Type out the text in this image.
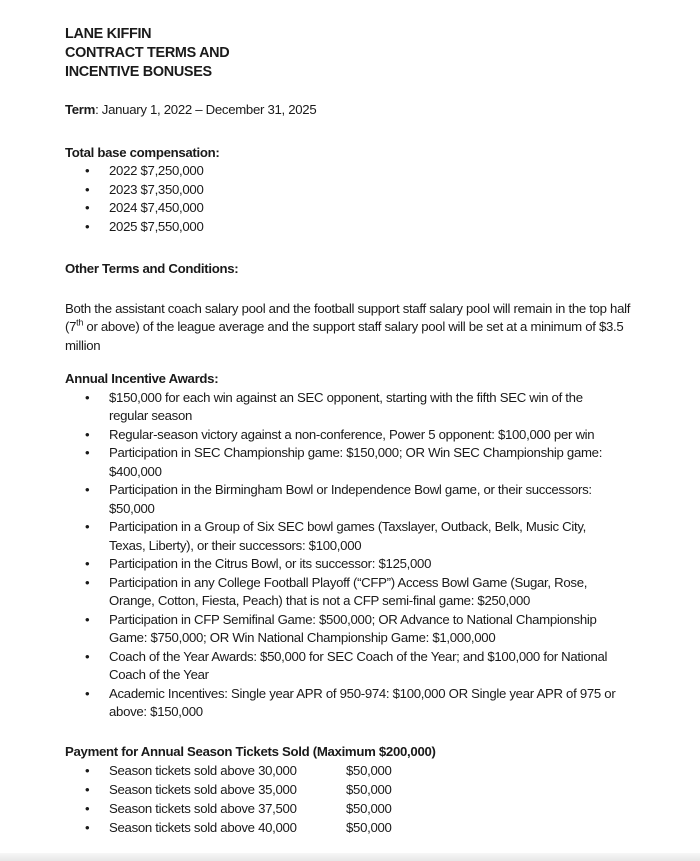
LANE KIFFIN
CONTRACT TERMS AND
INCENTIVE BONUSES

Term: January 1, 2022 – December 31, 2025

Total base compensation:
• 2022 $7,250,000
• 2023 $7,350,000
• 2024 $7,450,000
• 2025 $7,550,000
Other Terms and Conditions:

Both the assistant coach salary pool and the football support staff salary pool will remain in the top half (7th or above) of the league average and the support staff salary pool will be set at a minimum of $3.5 million

Annual Incentive Awards:
• $150,000 for each win against an SEC opponent, starting with the fifth SEC win of the regular season
• Regular-season victory against a non-conference, Power 5 opponent: $100,000 per win
• Participation in SEC Championship game: $150,000; OR Win SEC Championship game: $400,000
• Participation in the Birmingham Bowl or Independence Bowl game, or their successors: $50,000
• Participation in a Group of Six SEC bowl games (Taxslayer, Outback, Belk, Music City, Texas, Liberty), or their successors: $100,000
• Participation in the Citrus Bowl, or its successor: $125,000
• Participation in any College Football Playoff (“CFP”) Access Bowl Game (Sugar, Rose, Orange, Cotton, Fiesta, Peach) that is not a CFP semi-final game: $250,000
• Participation in CFP Semifinal Game: $500,000; OR Advance to National Championship Game: $750,000; OR Win National Championship Game: $1,000,000
• Coach of the Year Awards: $50,000 for SEC Coach of the Year; and $100,000 for National Coach of the Year
• Academic Incentives: Single year APR of 950-974: $100,000 OR Single year APR of 975 or above: $150,000
Payment for Annual Season Tickets Sold (Maximum $200,000)
• Season tickets sold above 30,000	$50,000
• Season tickets sold above 35,000	$50,000
• Season tickets sold above 37,500	$50,000
• Season tickets sold above 40,000	$50,000
